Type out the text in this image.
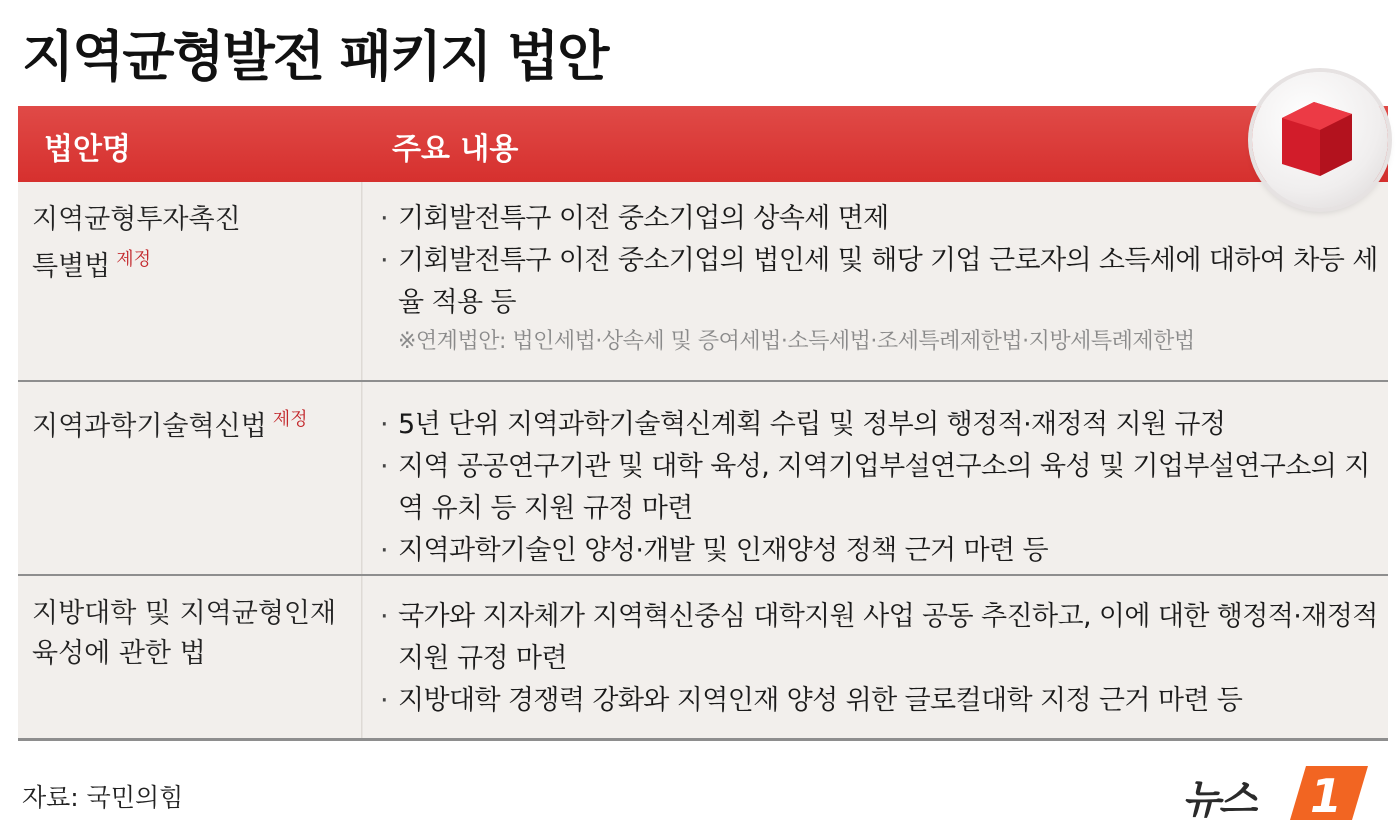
지역균형발전 패키지 법안
법안명	주요 내용
지역균형투자촉진
특별법 $^{제정}$
· 기회발전특구 이전 중소기업의 상속세 면제
· 기회발전특구 이전 중소기업의 법인세 및 해당 기업 근로자의 소득세에 대하여 차등 세율 적용 등
※연계법안: 법인세법·상속세 및 증여세법·소득세법·조세특례제한법·지방세특례제한법
지역과학기술혁신법 $^{제정}$
·	5년 단위 지역과학기술혁신계획 수립 및 정부의 행정적·재정적 지원 규정
· 지역 공공연구기관 및 대학 육성, 지역기업부설연구소의 육성 및 기업부설연구소의 지역 유치 등 지원 규정 마련
· 지역과학기술인 양성·개발 및 인재양성 정책 근거 마련 등
지방대학 및 지역균형인재
육성에 관한 법
· 국가와 지자체가 지역혁신중심 대학지원 사업 공동 추진하고, 이에 대한 행정적·재정적 지원 규정 마련
· 지방대학 경쟁력 강화와 지역인재 양성 위한 글로컬대학 지정 근거 마련 등
자료: 국민의힘	뉴스 1
